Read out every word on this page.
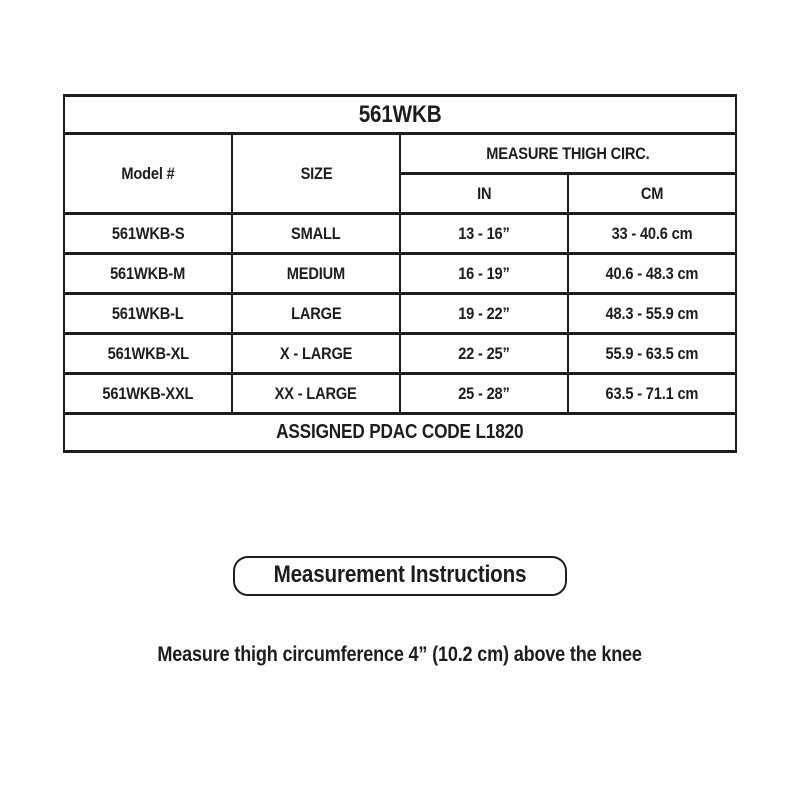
561WKB			
Model #	SIZE	MEASURE THIGH CIRC.	
		IN	CM
561WKB-S	SMALL	13 - 16”	33 - 40.6 cm
561WKB-M	MEDIUM	16 - 19”	40.6 - 48.3 cm
561WKB-L	LARGE	19 - 22”	48.3 - 55.9 cm
561WKB-XL	X - LARGE	22 - 25”	55.9 - 63.5 cm
561WKB-XXL	XX - LARGE	25 - 28”	63.5 - 71.1 cm
ASSIGNED PDAC CODE L1820			
Measurement Instructions
Measure thigh circumference 4” (10.2 cm) above the knee
